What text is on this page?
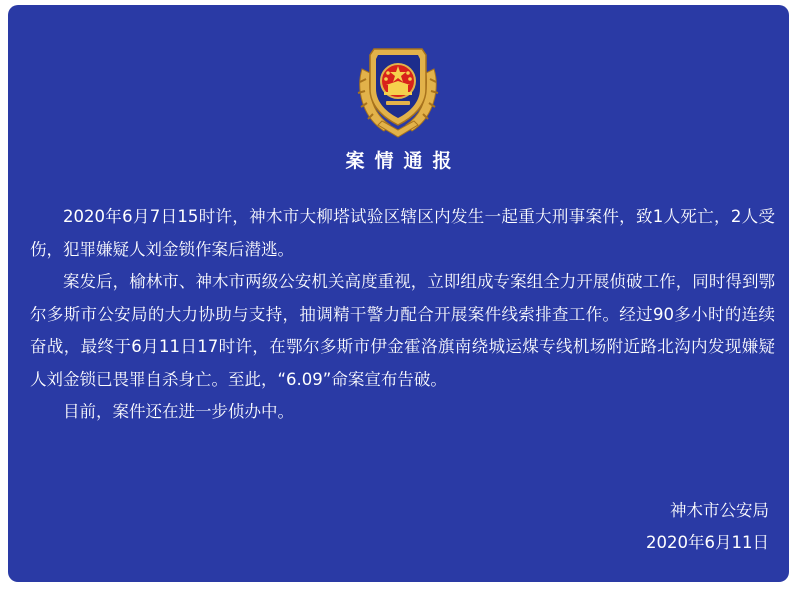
案情通报

2020年6月7日15时许，神木市大柳塔试验区辖区内发生一起重大刑事案件，致1人死亡，2人受伤，犯罪嫌疑人刘金锁作案后潜逃。

案发后，榆林市、神木市两级公安机关高度重视，立即组成专案组全力开展侦破工作，同时得到鄂尔多斯市公安局的大力协助与支持，抽调精干警力配合开展案件线索排查工作。经过90多小时的连续奋战，最终于6月11日17时许，在鄂尔多斯市伊金霍洛旗南绕城运煤专线机场附近路北沟内发现嫌疑人刘金锁已畏罪自杀身亡。至此，“6.09”命案宣布告破。

目前，案件还在进一步侦办中。

神木市公安局
2020年6月11日
